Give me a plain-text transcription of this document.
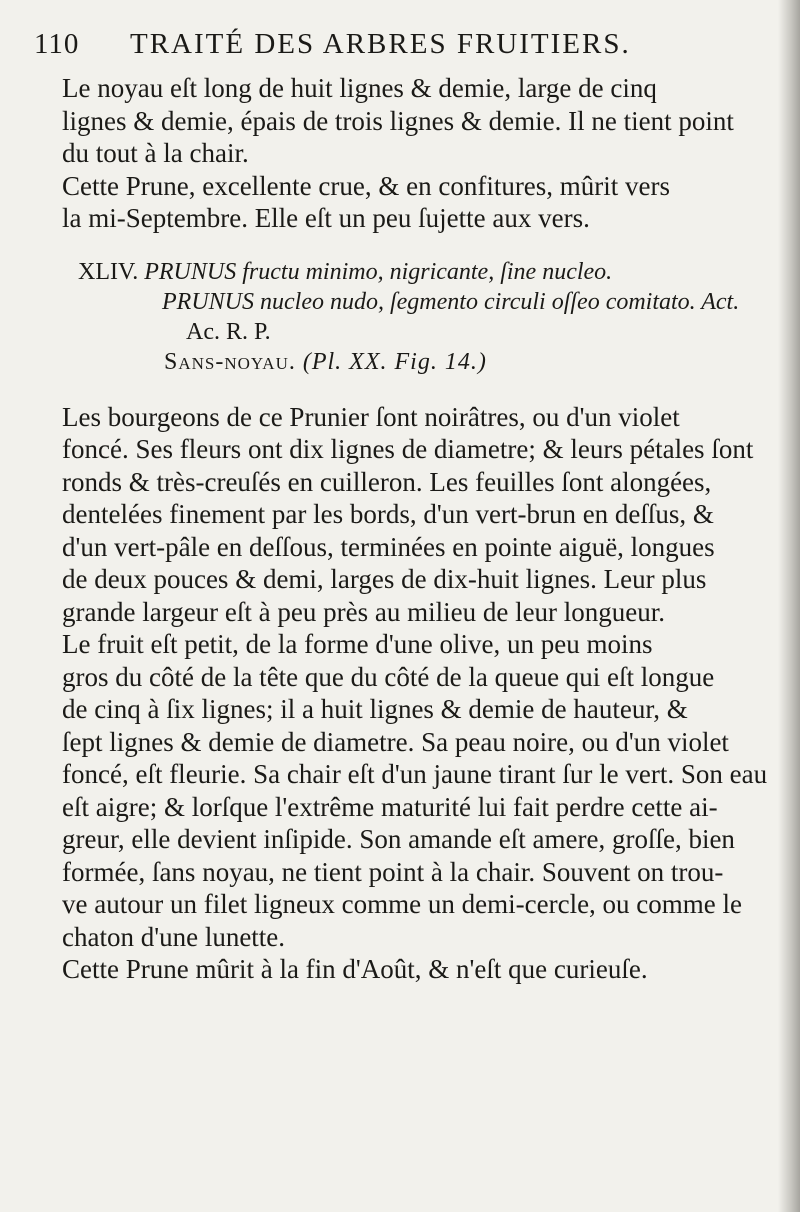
110 TRAITÉ DES ARBRES FRUITIERS.
Le noyau eſt long de huit lignes & demie, large de cinq
lignes & demie, épais de trois lignes & demie. Il ne tient point
du tout à la chair.
Cette Prune, excellente crue, & en confitures, mûrit vers
la mi-Septembre. Elle eſt un peu ſujette aux vers.
XLIV. PRUNUS fructu minimo, nigricante, ſine nucleo.
PRUNUS nucleo nudo, ſegmento circuli oſſeo comitato. Act.
Ac. R. P.
Sans-noyau. (Pl. XX. Fig. 14.)
Les bourgeons de ce Prunier ſont noirâtres, ou d'un violet
foncé. Ses fleurs ont dix lignes de diametre; & leurs pétales ſont
ronds & très-creuſés en cuilleron. Les feuilles ſont alongées,
dentelées finement par les bords, d'un vert-brun en deſſus, &
d'un vert-pâle en deſſous, terminées en pointe aiguë, longues
de deux pouces & demi, larges de dix-huit lignes. Leur plus
grande largeur eſt à peu près au milieu de leur longueur.
Le fruit eſt petit, de la forme d'une olive, un peu moins
gros du côté de la tête que du côté de la queue qui eſt longue
de cinq à ſix lignes; il a huit lignes & demie de hauteur, &
ſept lignes & demie de diametre. Sa peau noire, ou d'un violet
foncé, eſt fleurie. Sa chair eſt d'un jaune tirant ſur le vert. Son eau
eſt aigre; & lorſque l'extrême maturité lui fait perdre cette ai-
greur, elle devient inſipide. Son amande eſt amere, groſſe, bien
formée, ſans noyau, ne tient point à la chair. Souvent on trou-
ve autour un filet ligneux comme un demi-cercle, ou comme le
chaton d'une lunette.
Cette Prune mûrit à la fin d'Août, & n'eſt que curieuſe.
